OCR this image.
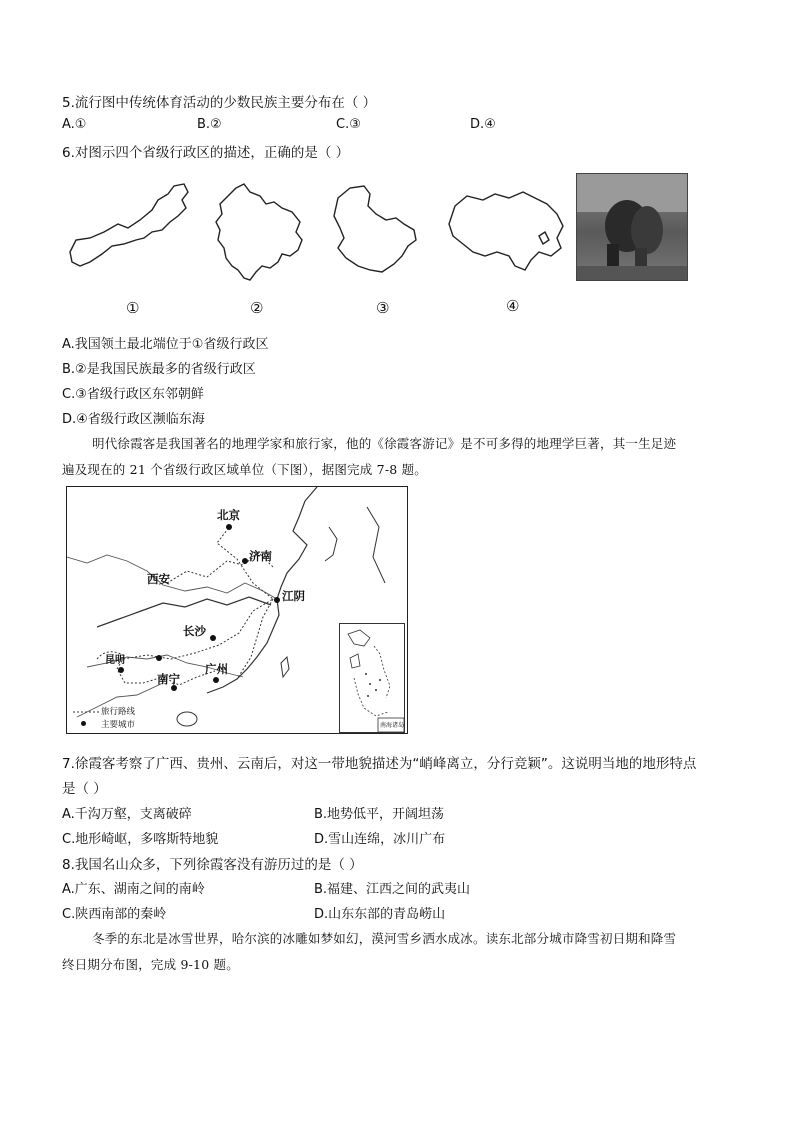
5.流行图中传统体育活动的少数民族主要分布在（ ）
A.①	B.②	C.③	D.④
6.对图示四个省级行政区的描述，正确的是（ ）
①	②	③	④
A.我国领土最北端位于①省级行政区
B.②是我国民族最多的省级行政区
C.③省级行政区东邻朝鲜
D.④省级行政区濒临东海
明代徐霞客是我国著名的地理学家和旅行家，他的《徐霞客游记》是不可多得的地理学巨著，其一生足迹
遍及现在的 21 个省级行政区域单位（下图），据图完成 7-8 题。
北京
济南
西安
江阴
长沙
昆明
广州
南宁
旅行路线
主要城市	南海诸岛
7.徐霞客考察了广西、贵州、云南后，对这一带地貌描述为“峭峰离立，分行竞颖”。这说明当地的地形特点
是（ ）
A.千沟万壑，支离破碎	B.地势低平，开阔坦荡
C.地形崎岖，多喀斯特地貌	D.雪山连绵，冰川广布
8.我国名山众多，下列徐霞客没有游历过的是（ ）
A.广东、湖南之间的南岭	B.福建、江西之间的武夷山
C.陕西南部的秦岭	D.山东东部的青岛崂山
冬季的东北是冰雪世界，哈尔滨的冰雕如梦如幻，漠河雪乡洒水成冰。读东北部分城市降雪初日期和降雪
终日期分布图，完成 9-10 题。
